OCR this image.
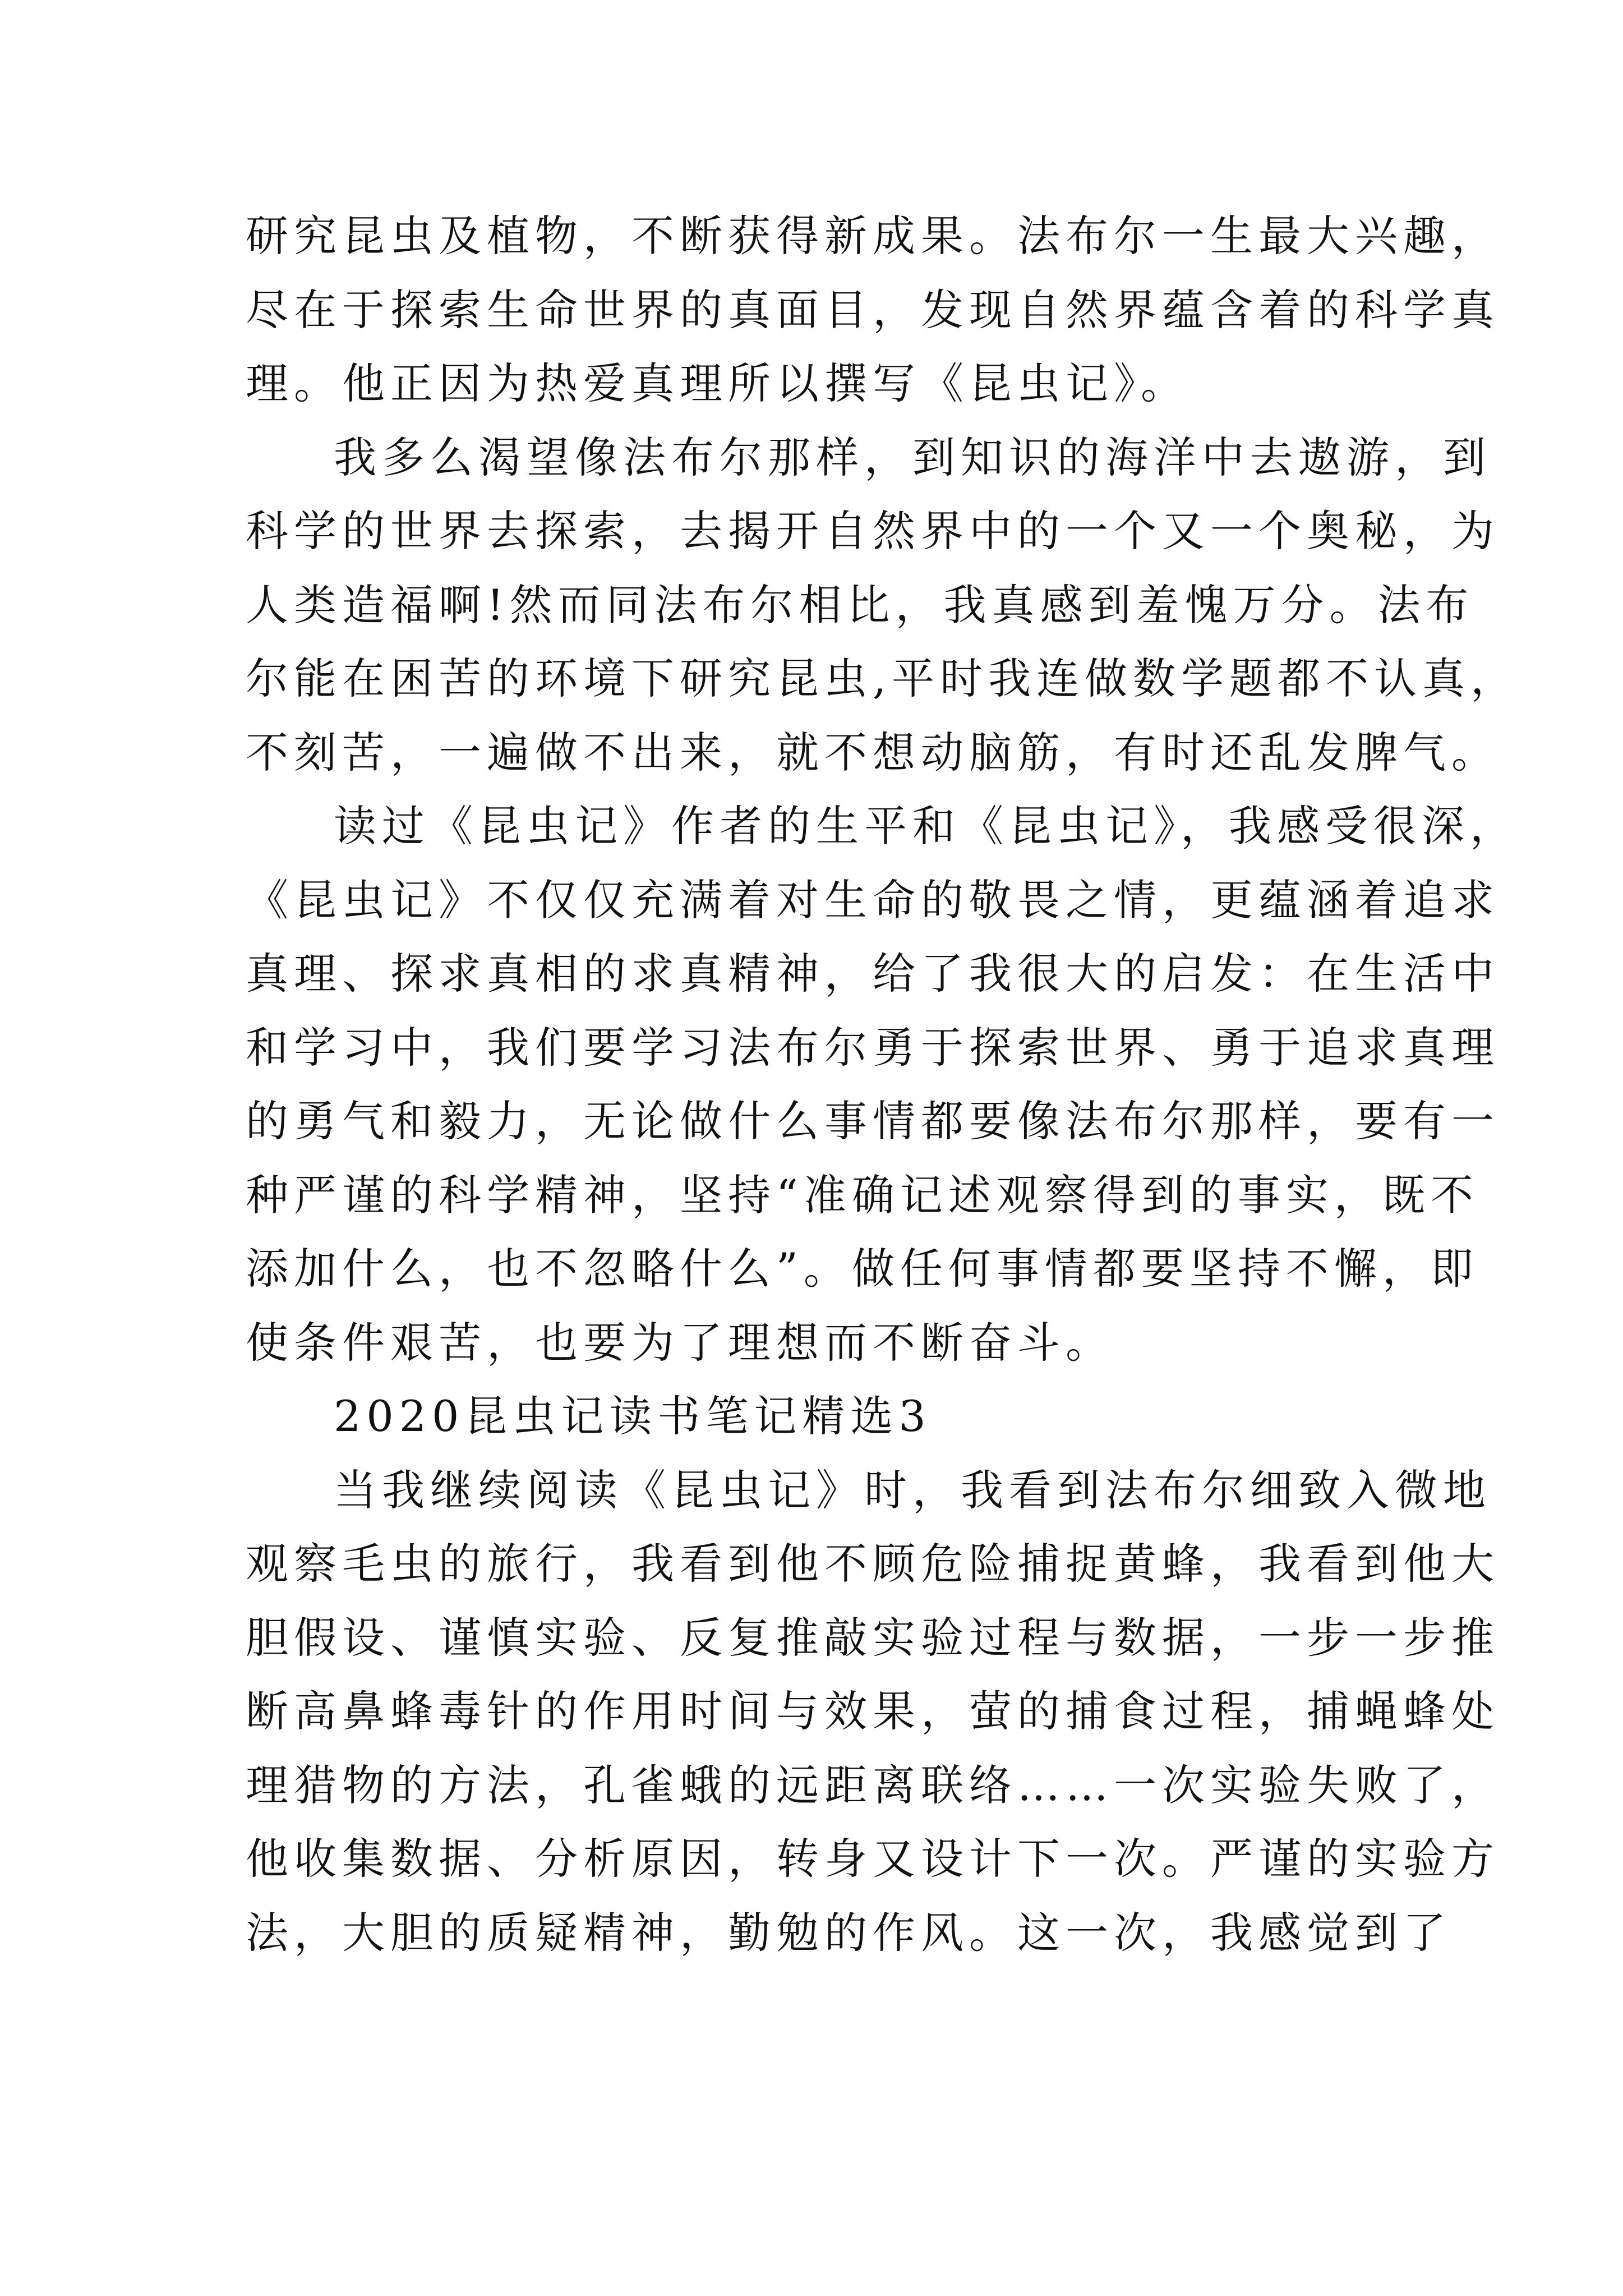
研究昆虫及植物，不断获得新成果。法布尔一生最大兴趣，
尽在于探索生命世界的真面目，发现自然界蕴含着的科学真
理。他正因为热爱真理所以撰写《昆虫记》。
我多么渴望像法布尔那样，到知识的海洋中去遨游，到
科学的世界去探索，去揭开自然界中的一个又一个奥秘，为
人类造福啊!然而同法布尔相比，我真感到羞愧万分。法布
尔能在困苦的环境下研究昆虫,平时我连做数学题都不认真，
不刻苦，一遍做不出来，就不想动脑筋，有时还乱发脾气。
读过《昆虫记》作者的生平和《昆虫记》，我感受很深，
《昆虫记》不仅仅充满着对生命的敬畏之情，更蕴涵着追求
真理、探求真相的求真精神，给了我很大的启发：在生活中
和学习中，我们要学习法布尔勇于探索世界、勇于追求真理
的勇气和毅力，无论做什么事情都要像法布尔那样，要有一
种严谨的科学精神，坚持“准确记述观察得到的事实，既不
添加什么，也不忽略什么”。做任何事情都要坚持不懈，即
使条件艰苦，也要为了理想而不断奋斗。
2020昆虫记读书笔记精选3
当我继续阅读《昆虫记》时，我看到法布尔细致入微地
观察毛虫的旅行，我看到他不顾危险捕捉黄蜂，我看到他大
胆假设、谨慎实验、反复推敲实验过程与数据，一步一步推
断高鼻蜂毒针的作用时间与效果，萤的捕食过程，捕蝇蜂处
理猎物的方法，孔雀蛾的远距离联络……一次实验失败了，
他收集数据、分析原因，转身又设计下一次。严谨的实验方
法，大胆的质疑精神，勤勉的作风。这一次，我感觉到了
